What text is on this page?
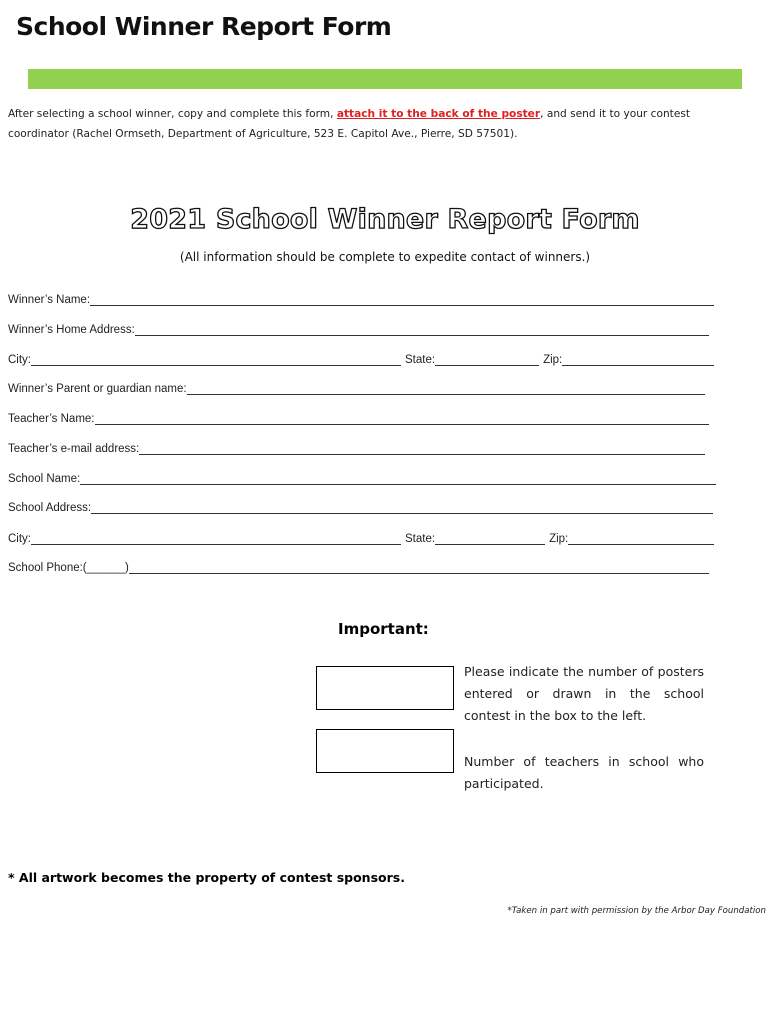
School Winner Report Form
After selecting a school winner, copy and complete this form, attach it to the back of the poster, and send it to your contest coordinator (Rachel Ormseth, Department of Agriculture, 523 E. Capitol Ave., Pierre, SD 57501).
2021 School Winner Report Form
(All information should be complete to expedite contact of winners.)
Winner’s Name:
Winner’s Home Address:
City:	State:	Zip:
Winner’s Parent or guardian name:
Teacher’s Name:
Teacher’s e-mail address:
School Name:
School Address:
City:	State:	Zip:
School Phone:(______)
Important:
Please indicate the number of posters entered or drawn in the school contest in the box to the left.
Number of teachers in school who participated.
* All artwork becomes the property of contest sponsors.
*Taken in part with permission by the Arbor Day Foundation
